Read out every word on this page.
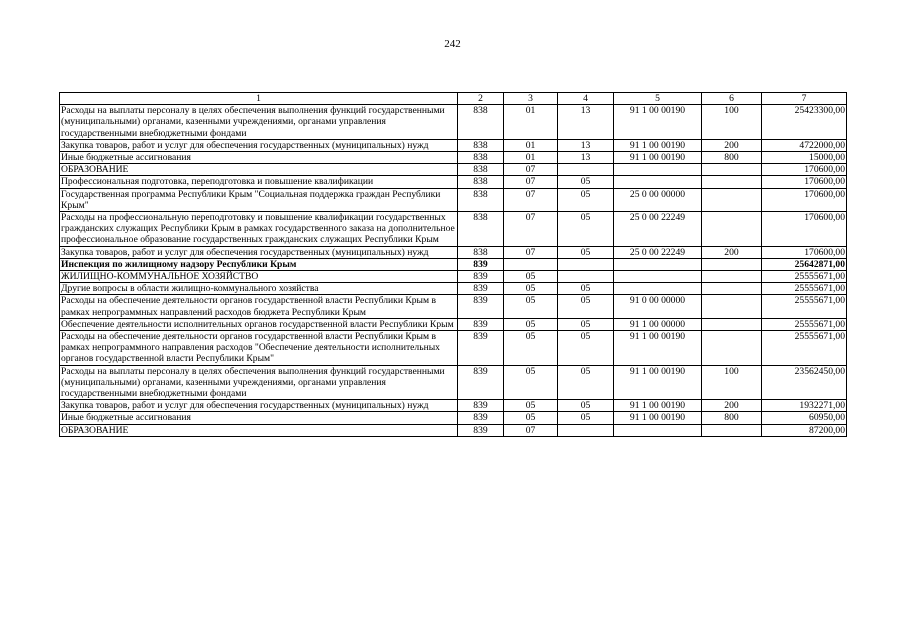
242
1	2	3	4	5	6	7
Расходы на выплаты персоналу в целях обеспечения выполнения функций государственными (муниципальными) органами, казенными учреждениями, органами управления государственными внебюджетными фондами	838	01	13	91 1 00 00190	100	25423300,00
Закупка товаров, работ и услуг для обеспечения государственных (муниципальных) нужд	838	01	13	91 1 00 00190	200	4722000,00
Иные бюджетные ассигнования	838	01	13	91 1 00 00190	800	15000,00
ОБРАЗОВАНИЕ	838	07				170600,00
Профессиональная подготовка, переподготовка и повышение квалификации	838	07	05			170600,00
Государственная программа Республики Крым "Социальная поддержка граждан Республики Крым"	838	07	05	25 0 00 00000		170600,00
Расходы на профессиональную переподготовку и повышение квалификации государственных гражданских служащих Республики Крым в рамках государственного заказа на дополнительное профессиональное образование государственных гражданских служащих Республики Крым	838	07	05	25 0 00 22249		170600,00
Закупка товаров, работ и услуг для обеспечения государственных (муниципальных) нужд	838	07	05	25 0 00 22249	200	170600,00
Инспекция по жилищному надзору Республики Крым	839					25642871,00
ЖИЛИЩНО-КОММУНАЛЬНОЕ ХОЗЯЙСТВО	839	05				25555671,00
Другие вопросы в области жилищно-коммунального хозяйства	839	05	05			25555671,00
Расходы на обеспечение деятельности органов государственной власти Республики Крым в рамках непрограммных направлений расходов бюджета Республики Крым	839	05	05	91 0 00 00000		25555671,00
Обеспечение деятельности исполнительных органов государственной власти Республики Крым	839	05	05	91 1 00 00000		25555671,00
Расходы на обеспечение деятельности органов государственной власти Республики Крым в рамках непрограммного направления расходов "Обеспечение деятельности исполнительных органов государственной власти Республики Крым"	839	05	05	91 1 00 00190		25555671,00
Расходы на выплаты персоналу в целях обеспечения выполнения функций государственными (муниципальными) органами, казенными учреждениями, органами управления государственными внебюджетными фондами	839	05	05	91 1 00 00190	100	23562450,00
Закупка товаров, работ и услуг для обеспечения государственных (муниципальных) нужд	839	05	05	91 1 00 00190	200	1932271,00
Иные бюджетные ассигнования	839	05	05	91 1 00 00190	800	60950,00
ОБРАЗОВАНИЕ	839	07				87200,00
